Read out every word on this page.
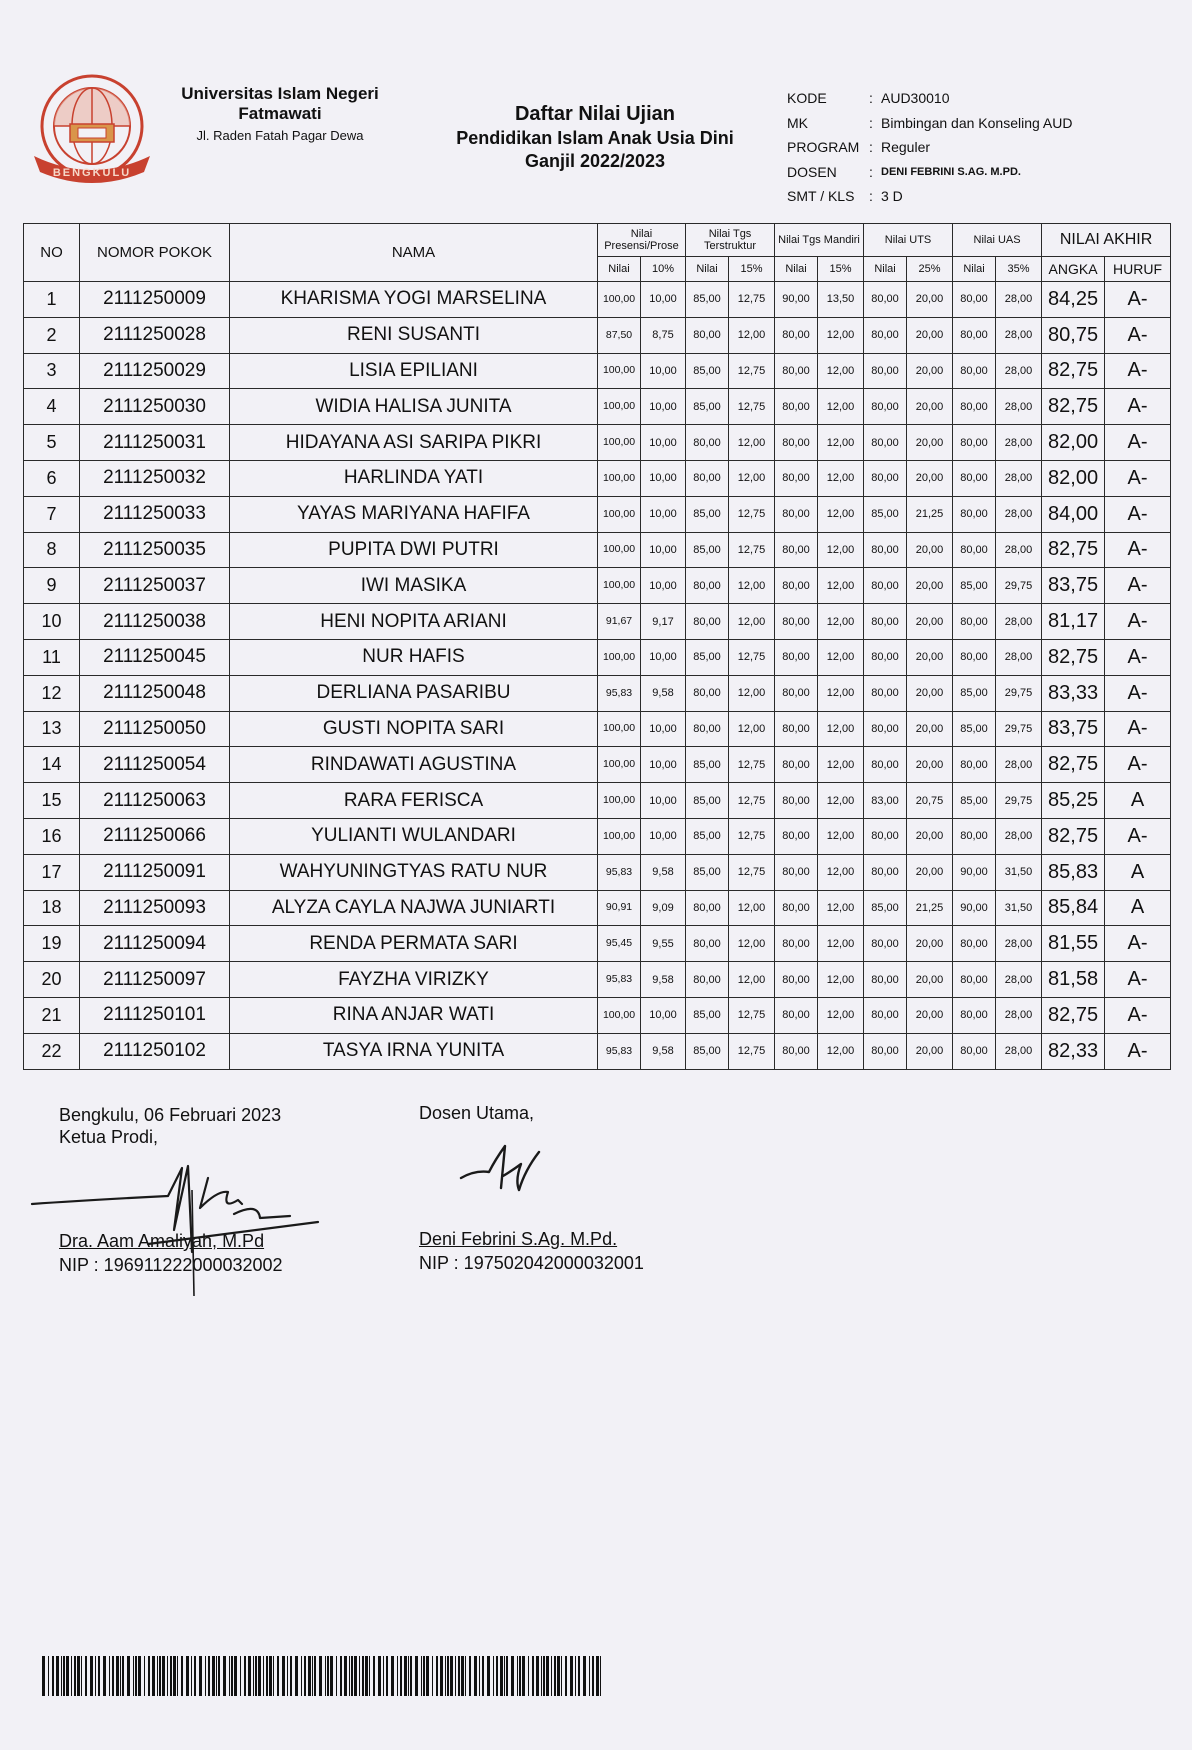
BENGKULU
Universitas Islam Negeri
Fatmawati
Jl. Raden Fatah Pagar Dewa
Daftar Nilai Ujian
Pendidikan Islam Anak Usia Dini
Ganjil 2022/2023
KODE	: AUD30010
MK	: Bimbingan dan Konseling AUD
PROGRAM : Reguler
DOSEN	: DENI FEBRINI S.AG. M.PD.
SMT / KLS	: 3 D
NO	NOMOR POKOK	NAMA	Nilai Presensi/Prose		Nilai Tgs Terstruktur		Nilai Tgs Mandiri		Nilai UTS		Nilai UAS		NILAI AKHIR	
			Nilai	10%	Nilai	15%	Nilai	15%	Nilai	25%	Nilai	35%	ANGKA	HURUF
1	2111250009	KHARISMA YOGI MARSELINA	100,00	10,00	85,00	12,75	90,00	13,50	80,00	20,00	80,00	28,00	84,25	A-
2	2111250028	RENI SUSANTI	87,50	8,75	80,00	12,00	80,00	12,00	80,00	20,00	80,00	28,00	80,75	A-
3	2111250029	LISIA EPILIANI	100,00	10,00	85,00	12,75	80,00	12,00	80,00	20,00	80,00	28,00	82,75	A-
4	2111250030	WIDIA HALISA JUNITA	100,00	10,00	85,00	12,75	80,00	12,00	80,00	20,00	80,00	28,00	82,75	A-
5	2111250031	HIDAYANA ASI SARIPA PIKRI	100,00	10,00	80,00	12,00	80,00	12,00	80,00	20,00	80,00	28,00	82,00	A-
6	2111250032	HARLINDA YATI	100,00	10,00	80,00	12,00	80,00	12,00	80,00	20,00	80,00	28,00	82,00	A-
7	2111250033	YAYAS MARIYANA HAFIFA	100,00	10,00	85,00	12,75	80,00	12,00	85,00	21,25	80,00	28,00	84,00	A-
8	2111250035	PUPITA DWI PUTRI	100,00	10,00	85,00	12,75	80,00	12,00	80,00	20,00	80,00	28,00	82,75	A-
9	2111250037	IWI MASIKA	100,00	10,00	80,00	12,00	80,00	12,00	80,00	20,00	85,00	29,75	83,75	A-
10	2111250038	HENI NOPITA ARIANI	91,67	9,17	80,00	12,00	80,00	12,00	80,00	20,00	80,00	28,00	81,17	A-
11	2111250045	NUR HAFIS	100,00	10,00	85,00	12,75	80,00	12,00	80,00	20,00	80,00	28,00	82,75	A-
12	2111250048	DERLIANA PASARIBU	95,83	9,58	80,00	12,00	80,00	12,00	80,00	20,00	85,00	29,75	83,33	A-
13	2111250050	GUSTI NOPITA SARI	100,00	10,00	80,00	12,00	80,00	12,00	80,00	20,00	85,00	29,75	83,75	A-
14	2111250054	RINDAWATI AGUSTINA	100,00	10,00	85,00	12,75	80,00	12,00	80,00	20,00	80,00	28,00	82,75	A-
15	2111250063	RARA FERISCA	100,00	10,00	85,00	12,75	80,00	12,00	83,00	20,75	85,00	29,75	85,25	A
16	2111250066	YULIANTI WULANDARI	100,00	10,00	85,00	12,75	80,00	12,00	80,00	20,00	80,00	28,00	82,75	A-
17	2111250091	WAHYUNINGTYAS RATU NUR	95,83	9,58	85,00	12,75	80,00	12,00	80,00	20,00	90,00	31,50	85,83	A
18	2111250093	ALYZA CAYLA NAJWA JUNIARTI	90,91	9,09	80,00	12,00	80,00	12,00	85,00	21,25	90,00	31,50	85,84	A
19	2111250094	RENDA PERMATA SARI	95,45	9,55	80,00	12,00	80,00	12,00	80,00	20,00	80,00	28,00	81,55	A-
20	2111250097	FAYZHA VIRIZKY	95,83	9,58	80,00	12,00	80,00	12,00	80,00	20,00	80,00	28,00	81,58	A-
21	2111250101	RINA ANJAR WATI	100,00	10,00	85,00	12,75	80,00	12,00	80,00	20,00	80,00	28,00	82,75	A-
22	2111250102	TASYA IRNA YUNITA	95,83	9,58	85,00	12,75	80,00	12,00	80,00	20,00	80,00	28,00	82,33	A-
Bengkulu, 06 Februari 2023
Ketua Prodi,
Dra. Aam Amaliyah, M.Pd
NIP : 196911222000032002
Dosen Utama,
Deni Febrini S.Ag. M.Pd.
NIP : 197502042000032001
